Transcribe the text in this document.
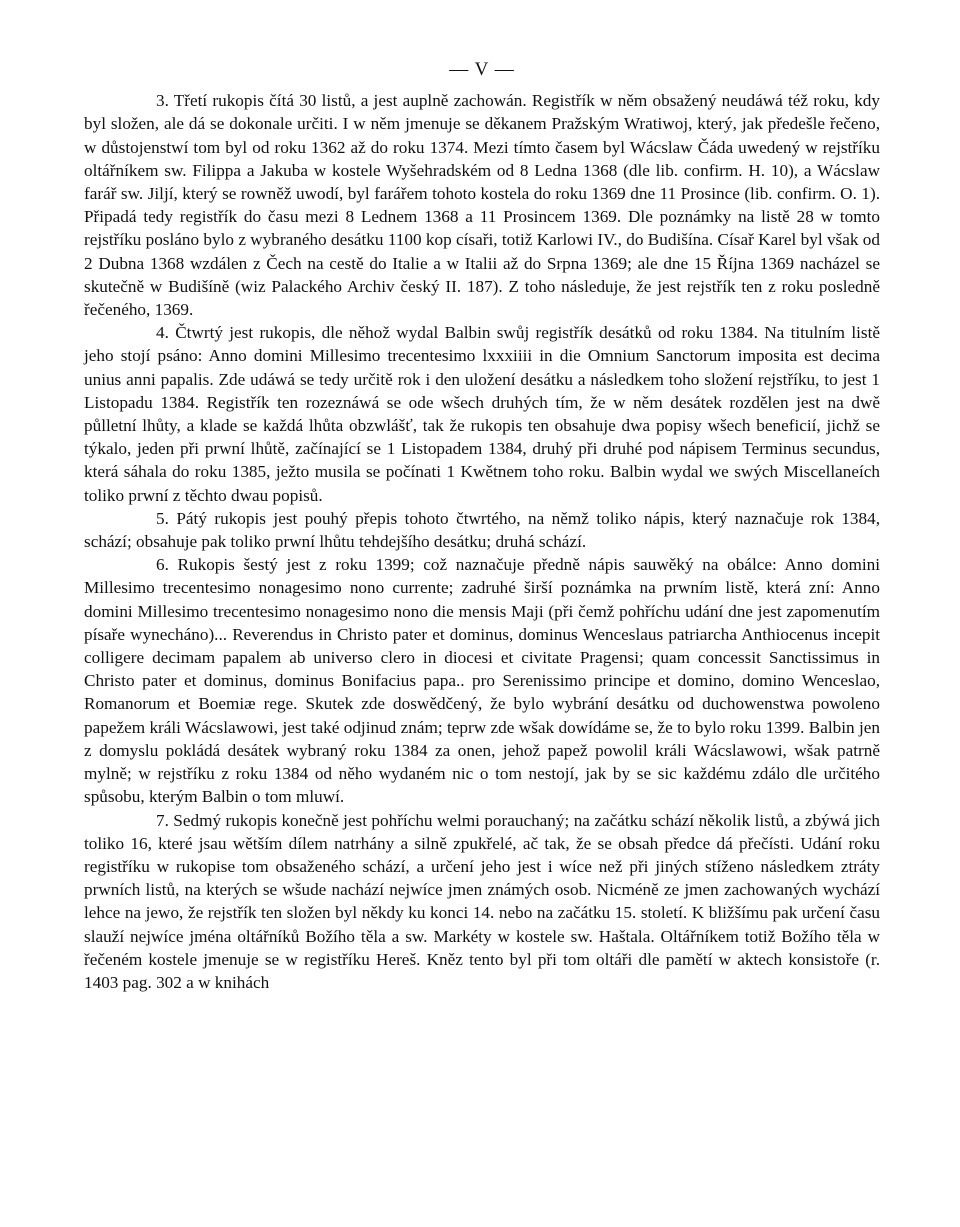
— V —

3. Třetí rukopis čítá 30 listů, a jest auplně zachowán. Registřík w něm obsažený neudáwá též roku, kdy byl složen, ale dá se dokonale určiti. I w něm jmenuje se děkanem Pražským Wratiwoj, který, jak předešle řečeno, w důstojenstwí tom byl od roku 1362 až do roku 1374. Mezi tímto časem byl Wácslaw Čáda uwedený w rejstříku oltářníkem sw. Filippa a Jakuba w kostele Wyšehradském od 8 Ledna 1368 (dle lib. confirm. H. 10), a Wácslaw farář sw. Jiljí, který se rowněž uwodí, byl farářem tohoto kostela do roku 1369 dne 11 Prosince (lib. confirm. O. 1). Připadá tedy registřík do času mezi 8 Lednem 1368 a 11 Prosincem 1369. Dle poznámky na listě 28 w tomto rejstříku posláno bylo z wybraného desátku 1100 kop císaři, totiž Karlowi IV., do Budišína. Císař Karel byl však od 2 Dubna 1368 wzdálen z Čech na cestě do Italie a w Italii až do Srpna 1369; ale dne 15 Října 1369 nacházel se skutečně w Budišíně (wiz Palackého Archiv český II. 187). Z toho následuje, že jest rejstřík ten z roku posledně řečeného, 1369.

4. Čtwrtý jest rukopis, dle něhož wydal Balbin swůj registřík desátků od roku 1384. Na titulním listě jeho stojí psáno: Anno domini Millesimo trecentesimo lxxxiiii in die Omnium Sanctorum imposita est decima unius anni papalis. Zde udáwá se tedy určitě rok i den uložení desátku a následkem toho složení rejstříku, to jest 1 Listopadu 1384. Registřík ten rozeznáwá se ode wšech druhých tím, že w něm desátek rozdělen jest na dwě půlletní lhůty, a klade se každá lhůta obzwlášť, tak že rukopis ten obsahuje dwa popisy wšech beneficií, jichž se týkalo, jeden při prwní lhůtě, začínající se 1 Listopadem 1384, druhý při druhé pod nápisem Terminus secundus, která sáhala do roku 1385, ježto musila se počínati 1 Kwětnem toho roku. Balbin wydal we swých Miscellaneích toliko prwní z těchto dwau popisů.

5. Pátý rukopis jest pouhý přepis tohoto čtwrtého, na němž toliko nápis, který naznačuje rok 1384, schází; obsahuje pak toliko prwní lhůtu tehdejšího desátku; druhá schází.

6. Rukopis šestý jest z roku 1399; což naznačuje předně nápis sauwěký na obálce: Anno domini Millesimo trecentesimo nonagesimo nono currente; zadruhé širší poznámka na prwním listě, která zní: Anno domini Millesimo trecentesimo nonagesimo nono die mensis Maji (při čemž pohříchu udání dne jest zapomenutím písaře wynecháno)... Reverendus in Christo pater et dominus, dominus Wenceslaus patriarcha Anthiocenus incepit colligere decimam papalem ab universo clero in diocesi et civitate Pragensi; quam concessit Sanctissimus in Christo pater et dominus, dominus Bonifacius papa.. pro Serenissimo principe et domino, domino Wenceslao, Romanorum et Boemiæ rege. Skutek zde doswědčený, že bylo wybrání desátku od duchowenstwa powoleno papežem králi Wácslawowi, jest také odjinud znám; teprw zde wšak dowídáme se, že to bylo roku 1399. Balbin jen z domyslu pokládá desátek wybraný roku 1384 za onen, jehož papež powolil králi Wácslawowi, wšak patrně mylně; w rejstříku z roku 1384 od něho wydaném nic o tom nestojí, jak by se sic každému zdálo dle určitého spůsobu, kterým Balbin o tom mluwí.

7. Sedmý rukopis konečně jest pohříchu welmi porauchaný; na začátku schází několik listů, a zbýwá jich toliko 16, které jsau wětším dílem natrhány a silně zpukřelé, ač tak, že se obsah předce dá přečísti. Udání roku registříku w rukopise tom obsaženého schází, a určení jeho jest i wíce než při jiných stíženo následkem ztráty prwních listů, na kterých se wšude nachází nejwíce jmen známých osob. Nicméně ze jmen zachowaných wychází lehce na jewo, že rejstřík ten složen byl někdy ku konci 14. nebo na začátku 15. století. K bližšímu pak určení času slauží nejwíce jména oltářníků Božího těla a sw. Markéty w kostele sw. Haštala. Oltářníkem totiž Božího těla w řečeném kostele jmenuje se w registříku Hereš. Kněz tento byl při tom oltáři dle pamětí w aktech konsistoře (r. 1403 pag. 302 a w knihách
